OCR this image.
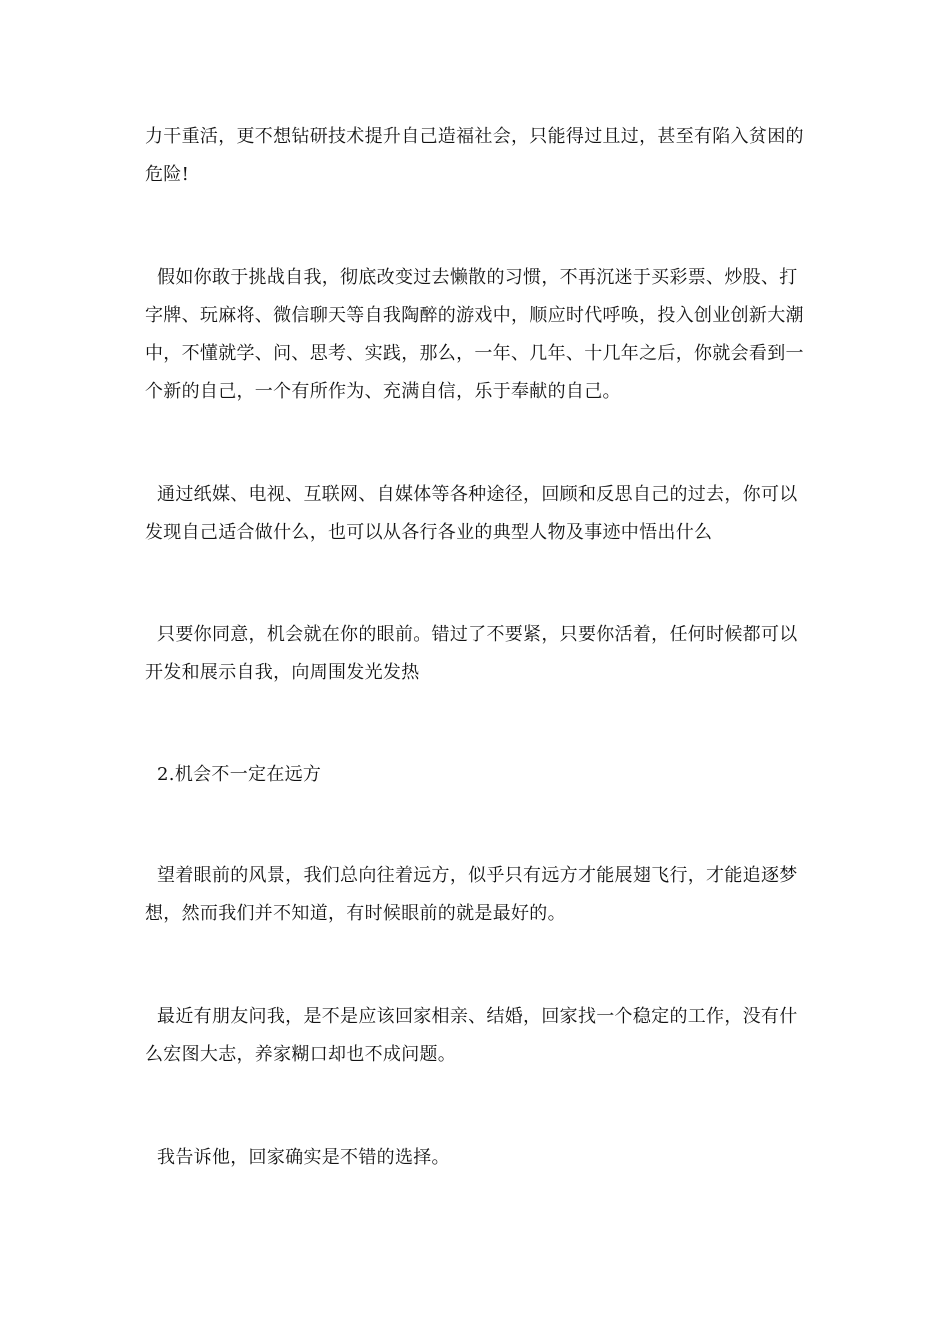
力干重活，更不想钻研技术提升自己造福社会，只能得过且过，甚至有陷入贫困的危险!

假如你敢于挑战自我，彻底改变过去懒散的习惯，不再沉迷于买彩票、炒股、打字牌、玩麻将、微信聊天等自我陶醉的游戏中，顺应时代呼唤，投入创业创新大潮中，不懂就学、问、思考、实践，那么，一年、几年、十几年之后，你就会看到一个新的自己，一个有所作为、充满自信，乐于奉献的自己。

通过纸媒、电视、互联网、自媒体等各种途径，回顾和反思自己的过去，你可以发现自己适合做什么，也可以从各行各业的典型人物及事迹中悟出什么

只要你同意，机会就在你的眼前。错过了不要紧，只要你活着，任何时候都可以开发和展示自我，向周围发光发热

2.机会不一定在远方

望着眼前的风景，我们总向往着远方，似乎只有远方才能展翅飞行，才能追逐梦想，然而我们并不知道，有时候眼前的就是最好的。

最近有朋友问我，是不是应该回家相亲、结婚，回家找一个稳定的工作，没有什么宏图大志，养家糊口却也不成问题。

我告诉他，回家确实是不错的选择。
